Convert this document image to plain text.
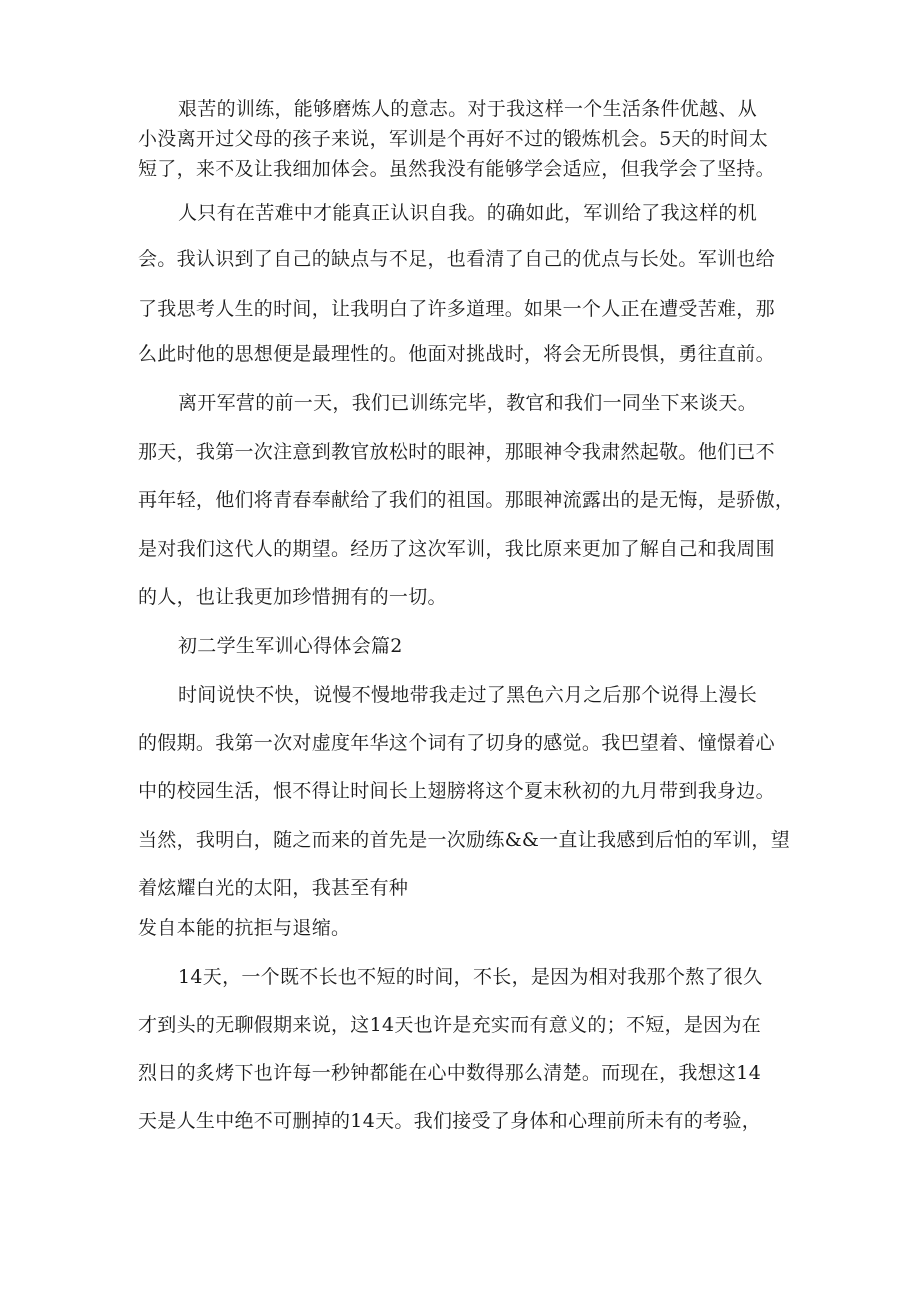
艰苦的训练，能够磨炼人的意志。对于我这样一个生活条件优越、从
小没离开过父母的孩子来说，军训是个再好不过的锻炼机会。5天的时间太
短了，来不及让我细加体会。虽然我没有能够学会适应，但我学会了坚持。
人只有在苦难中才能真正认识自我。的确如此，军训给了我这样的机
会。我认识到了自己的缺点与不足，也看清了自己的优点与长处。军训也给
了我思考人生的时间，让我明白了许多道理。如果一个人正在遭受苦难，那
么此时他的思想便是最理性的。他面对挑战时，将会无所畏惧，勇往直前。
离开军营的前一天，我们已训练完毕，教官和我们一同坐下来谈天。
那天，我第一次注意到教官放松时的眼神，那眼神令我肃然起敬。他们已不
再年轻，他们将青春奉献给了我们的祖国。那眼神流露出的是无悔，是骄傲，
是对我们这代人的期望。经历了这次军训，我比原来更加了解自己和我周围
的人，也让我更加珍惜拥有的一切。
初二学生军训心得体会篇2
时间说快不快，说慢不慢地带我走过了黑色六月之后那个说得上漫长
的假期。我第一次对虚度年华这个词有了切身的感觉。我巴望着、憧憬着心
中的校园生活，恨不得让时间长上翅膀将这个夏末秋初的九月带到我身边。
当然，我明白，随之而来的首先是一次励练&&一直让我感到后怕的军训，望
着炫耀白光的太阳，我甚至有种
发自本能的抗拒与退缩。
14天，一个既不长也不短的时间，不长，是因为相对我那个熬了很久
才到头的无聊假期来说，这14天也许是充实而有意义的；不短，是因为在
烈日的炙烤下也许每一秒钟都能在心中数得那么清楚。而现在，我想这14
天是人生中绝不可删掉的14天。我们接受了身体和心理前所未有的考验，
